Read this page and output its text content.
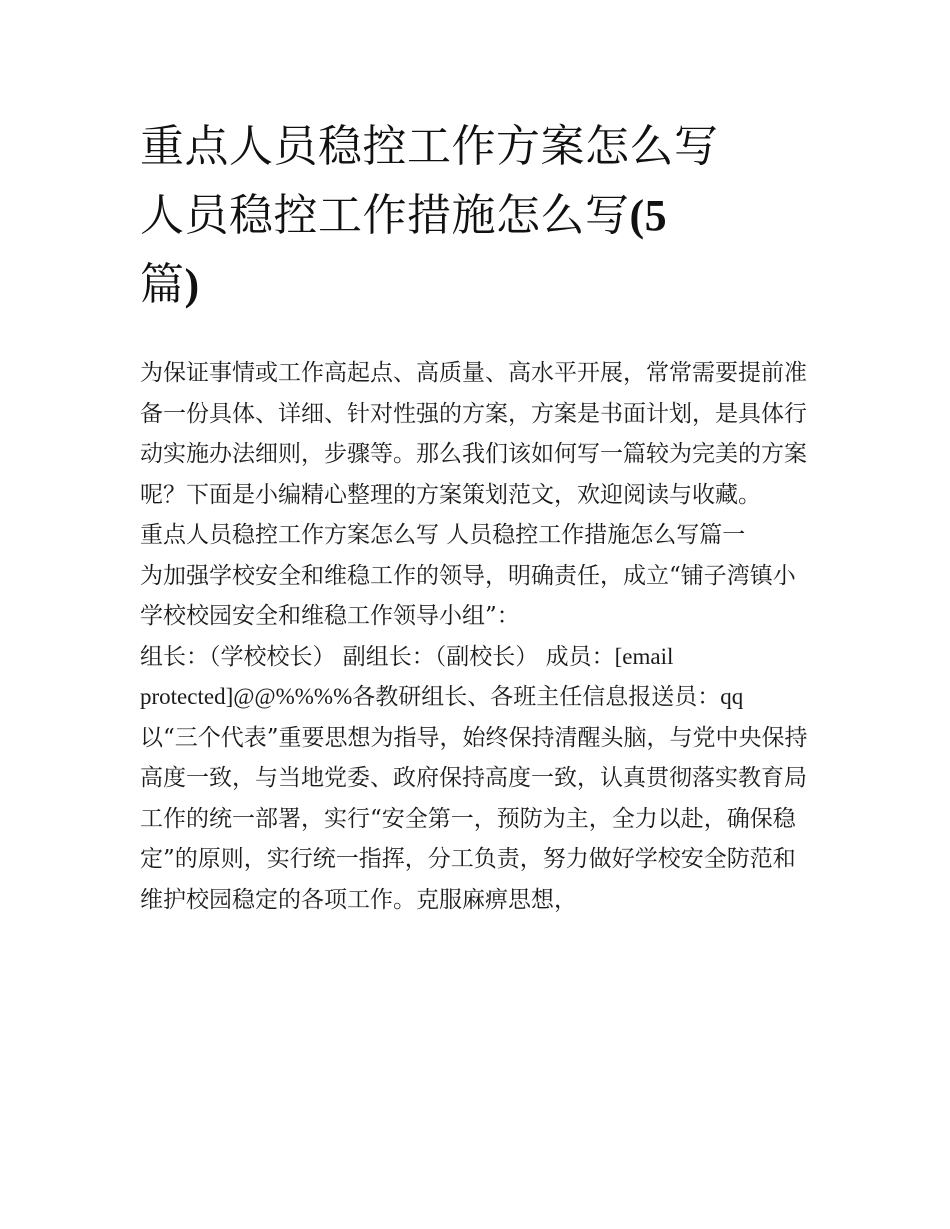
重点人员稳控工作方案怎么写
人员稳控工作措施怎么写(5
篇)

为保证事情或工作高起点、高质量、高水平开展，常常需要提前准备一份具体、详细、针对性强的方案，方案是书面计划，是具体行动实施办法细则，步骤等。那么我们该如何写一篇较为完美的方案呢？下面是小编精心整理的方案策划范文，欢迎阅读与收藏。

重点人员稳控工作方案怎么写 人员稳控工作措施怎么写篇一

为加强学校安全和维稳工作的领导，明确责任，成立“铺子湾镇小学校校园安全和维稳工作领导小组”：

组长：（学校校长） 副组长：（副校长） 成员：[email protected]@@%%%%各教研组长、各班主任信息报送员：qq

以“三个代表”重要思想为指导，始终保持清醒头脑，与党中央保持高度一致，与当地党委、政府保持高度一致，认真贯彻落实教育局工作的统一部署，实行“安全第一，预防为主，全力以赴，确保稳定”的原则，实行统一指挥，分工负责，努力做好学校安全防范和维护校园稳定的各项工作。克服麻痹思想，
